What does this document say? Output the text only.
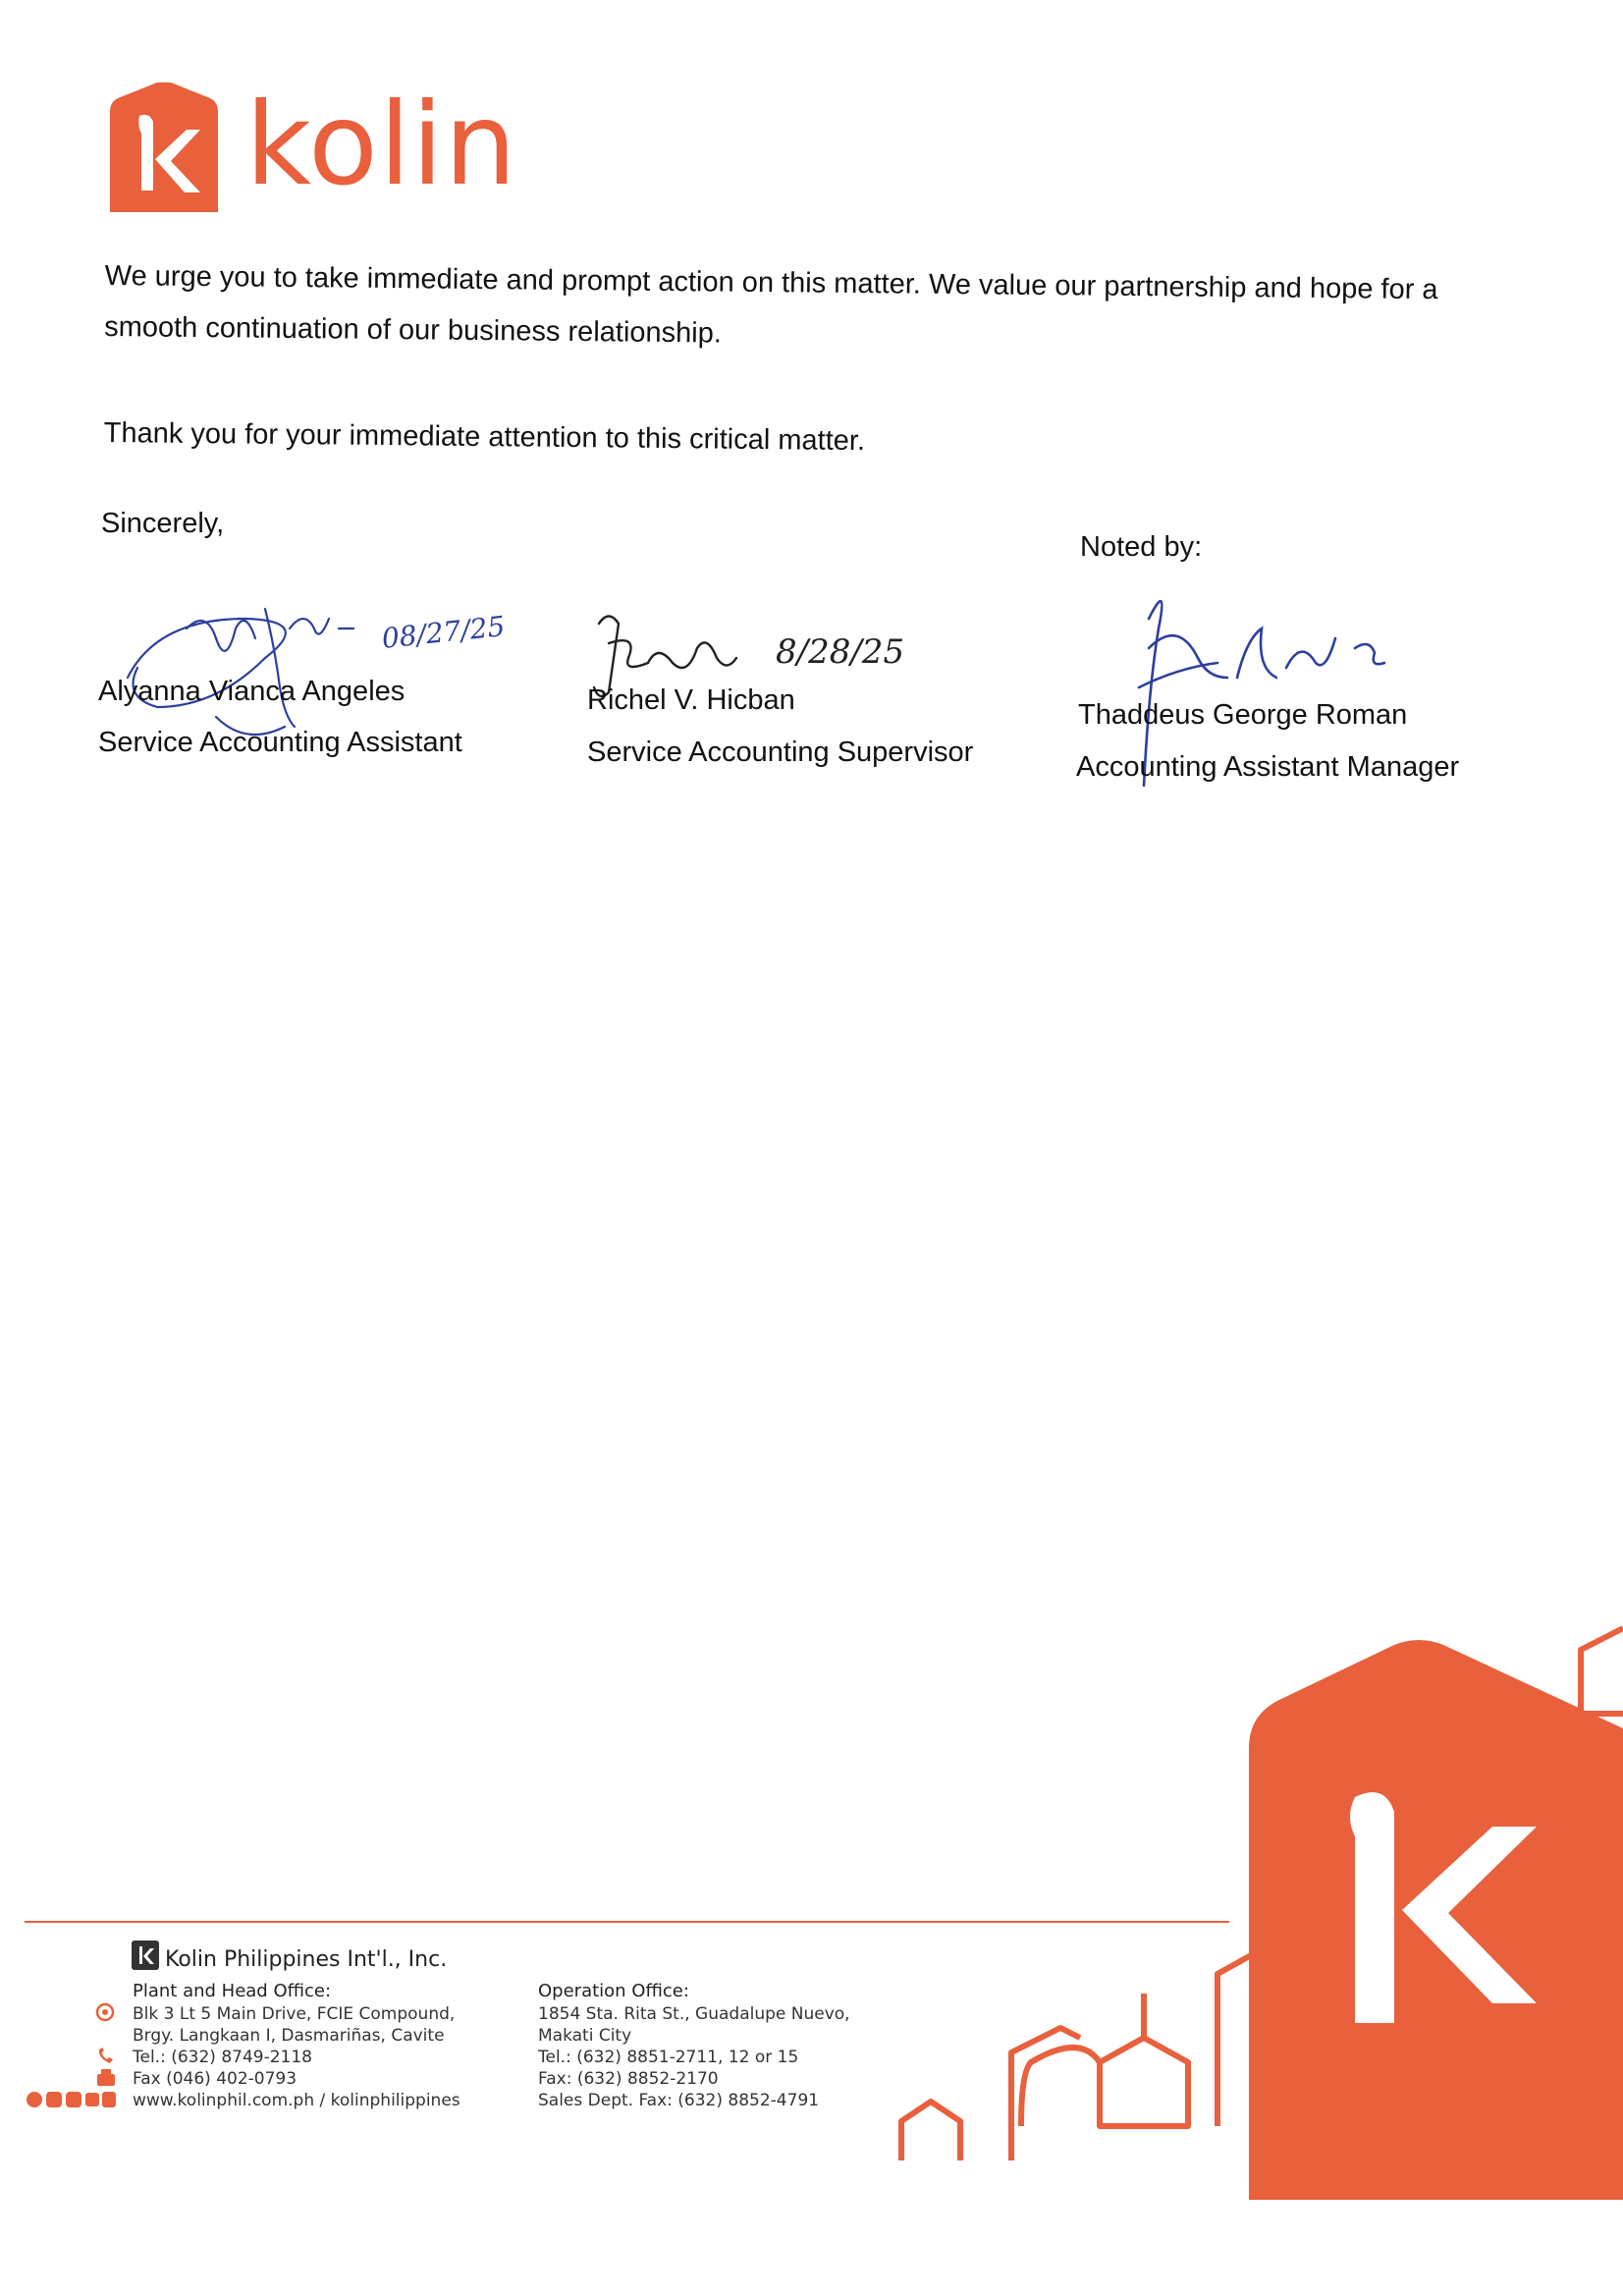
kolin
We urge you to take immediate and prompt action on this matter. We value our partnership and hope for a smooth continuation of our business relationship.
Thank you for your immediate attention to this critical matter.
Sincerely,
Noted by:
08/27/25
Alyanna Vianca Angeles
Service Accounting Assistant
8/28/25
Richel V. Hicban
Service Accounting Supervisor
Thaddeus George Roman
Accounting Assistant Manager
Kolin Philippines Int'l., Inc.
Plant and Head Office:
Blk 3 Lt 5 Main Drive, FCIE Compound,
Brgy. Langkaan I, Dasmariñas, Cavite
Tel.: (632) 8749-2118
Fax (046) 402-0793
www.kolinphil.com.ph / kolinphilippines
Operation Office:
1854 Sta. Rita St., Guadalupe Nuevo,
Makati City
Tel.: (632) 8851-2711, 12 or 15
Fax: (632) 8852-2170
Sales Dept. Fax: (632) 8852-4791
